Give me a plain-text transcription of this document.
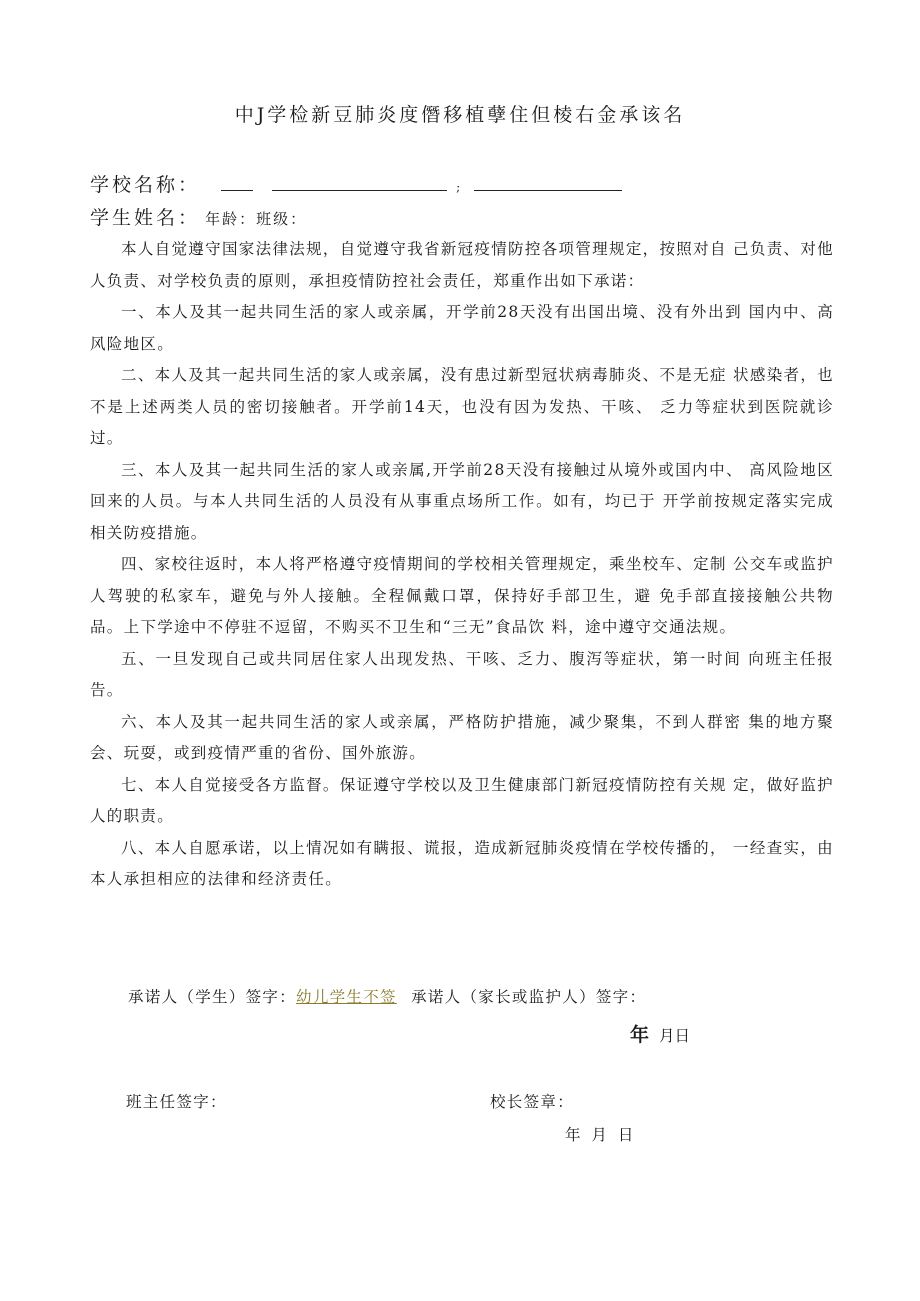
中J学检新豆肺炎度僭移植孽住但棱右金承该名
学校名称：	;
学生姓名： 年龄：班级：

本人自觉遵守国家法律法规，自觉遵守我省新冠疫情防控各项管理规定，按照对自 己负责、对他人负责、对学校负责的原则，承担疫情防控社会责任，郑重作出如下承诺：

一、本人及其一起共同生活的家人或亲属，开学前28天没有出国出境、没有外出到 国内中、高风险地区。

二、本人及其一起共同生活的家人或亲属，没有患过新型冠状病毒肺炎、不是无症 状感染者，也不是上述两类人员的密切接触者。开学前14天，也没有因为发热、干咳、 乏力等症状到医院就诊过。

三、本人及其一起共同生活的家人或亲属,开学前28天没有接触过从境外或国内中、 高风险地区回来的人员。与本人共同生活的人员没有从事重点场所工作。如有，均已于 开学前按规定落实完成相关防疫措施。

四、家校往返时，本人将严格遵守疫情期间的学校相关管理规定，乘坐校车、定制 公交车或监护人驾驶的私家车，避免与外人接触。全程佩戴口罩，保持好手部卫生，避 免手部直接接触公共物品。上下学途中不停驻不逗留，不购买不卫生和“三无”食品饮 料，途中遵守交通法规。

五、一旦发现自己或共同居住家人出现发热、干咳、乏力、腹泻等症状，第一时间 向班主任报告。

六、本人及其一起共同生活的家人或亲属，严格防护措施，减少聚集，不到人群密 集的地方聚会、玩耍，或到疫情严重的省份、国外旅游。

七、本人自觉接受各方监督。保证遵守学校以及卫生健康部门新冠疫情防控有关规 定，做好监护人的职责。

八、本人自愿承诺，以上情况如有瞒报、谎报，造成新冠肺炎疫情在学校传播的， 一经查实，由本人承担相应的法律和经济责任。

承诺人（学生）签字：幼儿学生不签 承诺人（家长或监护人）签字：
年 月日
班主任签字：	校长签章：
年 月 日
